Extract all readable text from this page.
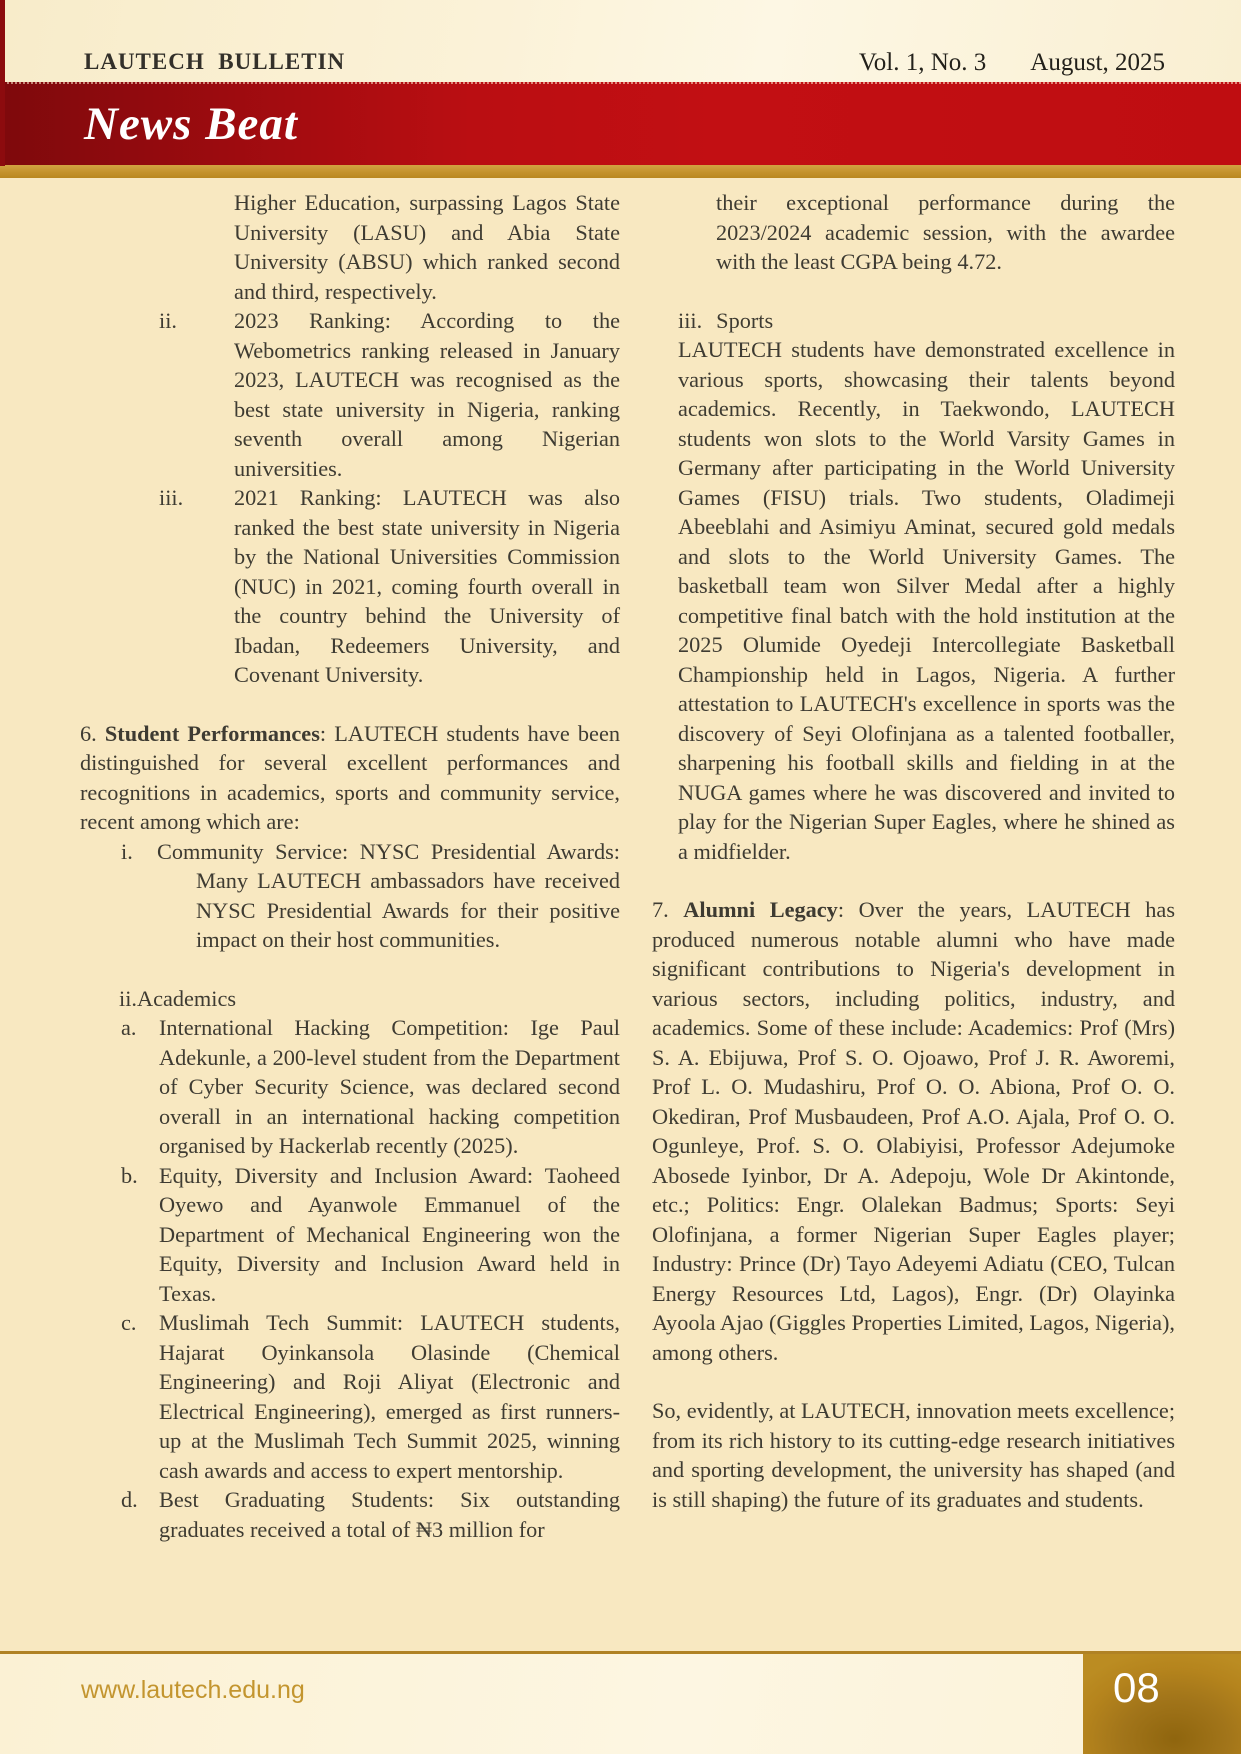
LAUTECH  BULLETIN	Vol. 1, No. 3 August, 2025
News Beat
Higher Education, surpassing Lagos State University (LASU) and Abia State University (ABSU) which ranked second and third, respectively.
ii.	2023 Ranking: According to the Webometrics ranking released in January 2023, LAUTECH was recognised as the best state university in Nigeria, ranking seventh overall among Nigerian universities.
iii. 2021 Ranking: LAUTECH was also ranked the best state university in Nigeria by the National Universities Commission (NUC) in 2021, coming fourth overall in the country behind the University of Ibadan, Redeemers University, and Covenant University.

6. Student Performances: LAUTECH students have been distinguished for several excellent performances and recognitions in academics, sports and community service, recent among which are:

i. Community Service: NYSC Presidential Awards: Many LAUTECH ambassadors have received NYSC Presidential Awards for their positive impact on their host communities.
ii.Academics
a. International Hacking Competition: Ige Paul Adekunle, a 200-level student from the Department of Cyber Security Science, was declared second overall in an international hacking competition organised by Hackerlab recently (2025).
b. Equity, Diversity and Inclusion Award: Taoheed Oyewo and Ayanwole Emmanuel of the Department of Mechanical Engineering won the Equity, Diversity and Inclusion Award held in Texas.
c. Muslimah Tech Summit: LAUTECH students, Hajarat Oyinkansola Olasinde (Chemical Engineering) and Roji Aliyat (Electronic and Electrical Engineering), emerged as first runners-up at the Muslimah Tech Summit 2025, winning cash awards and access to expert mentorship.
d. Best Graduating Students: Six outstanding graduates received a total of ₦3 million for
their exceptional performance during the 2023/2024 academic session, with the awardee with the least CGPA being 4.72.
iii. Sports
LAUTECH students have demonstrated excellence in various sports, showcasing their talents beyond academics. Recently, in Taekwondo, LAUTECH students won slots to the World Varsity Games in Germany after participating in the World University Games (FISU) trials. Two students, Oladimeji Abeeblahi and Asimiyu Aminat, secured gold medals and slots to the World University Games. The basketball team won Silver Medal after a highly competitive final batch with the hold institution at the 2025 Olumide Oyedeji Intercollegiate Basketball Championship held in Lagos, Nigeria. A further attestation to LAUTECH's excellence in sports was the discovery of Seyi Olofinjana as a talented footballer, sharpening his football skills and fielding in at the NUGA games where he was discovered and invited to play for the Nigerian Super Eagles, where he shined as a midfielder.

7. Alumni Legacy: Over the years, LAUTECH has produced numerous notable alumni who have made significant contributions to Nigeria's development in various sectors, including politics, industry, and academics. Some of these include: Academics: Prof (Mrs) S. A. Ebijuwa, Prof S. O. Ojoawo, Prof J. R. Aworemi, Prof L. O. Mudashiru, Prof O. O. Abiona, Prof O. O. Okediran, Prof Musbaudeen, Prof A.O. Ajala, Prof O. O. Ogunleye, Prof. S. O. Olabiyisi, Professor Adejumoke Abosede Iyinbor, Dr A. Adepoju, Wole Dr Akintonde, etc.; Politics: Engr. Olalekan Badmus; Sports: Seyi Olofinjana, a former Nigerian Super Eagles player; Industry: Prince (Dr) Tayo Adeyemi Adiatu (CEO, Tulcan Energy Resources Ltd, Lagos), Engr. (Dr) Olayinka Ayoola Ajao (Giggles Properties Limited, Lagos, Nigeria), among others.

So, evidently, at LAUTECH, innovation meets excellence; from its rich history to its cutting-edge research initiatives and sporting development, the university has shaped (and is still shaping) the future of its graduates and students.

www.lautech.edu.ng	08
